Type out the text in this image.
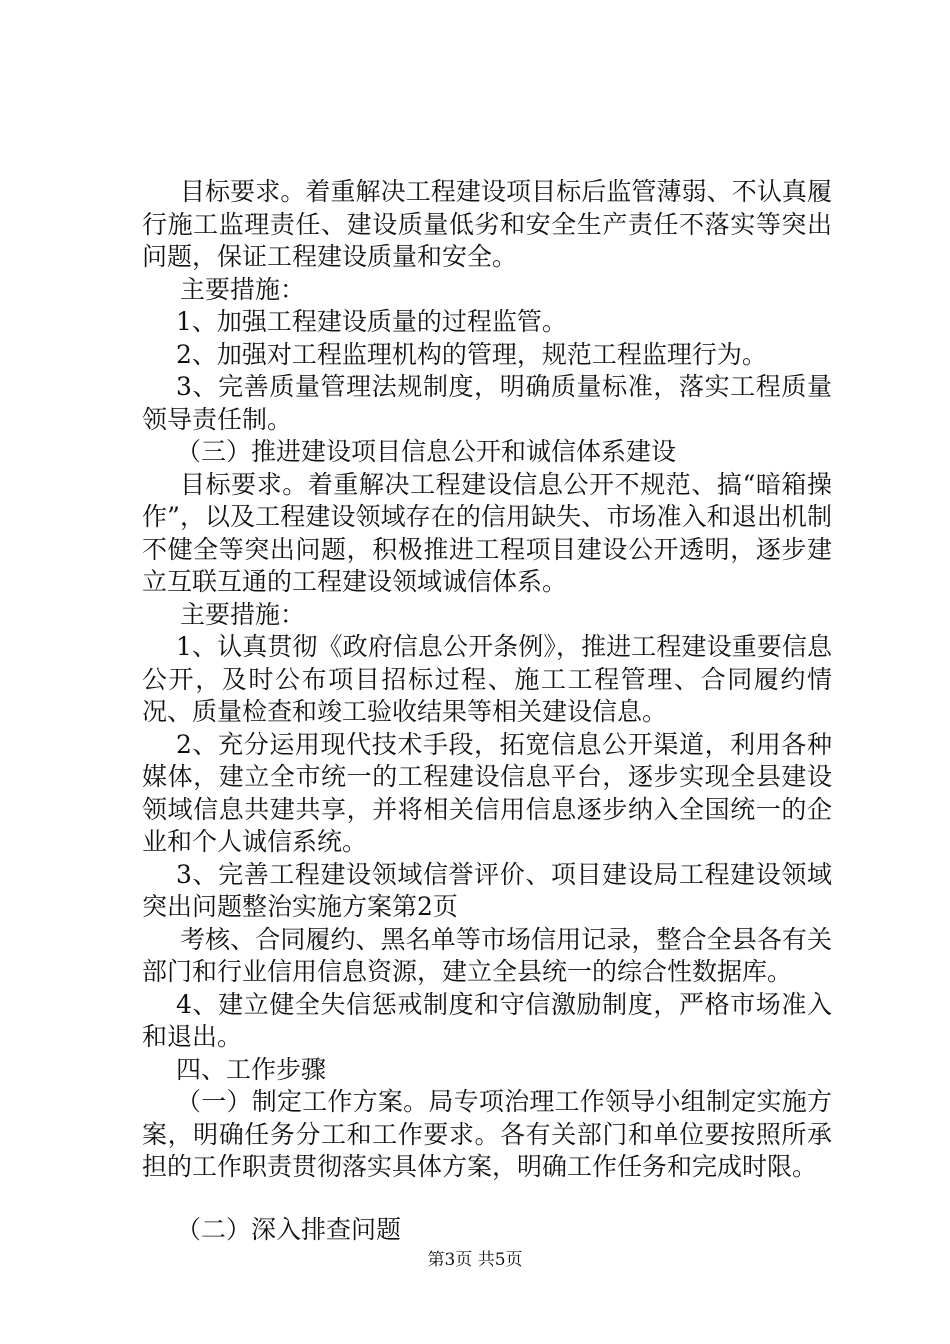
目标要求。着重解决工程建设项目标后监管薄弱、不认真履行施工监理责任、建设质量低劣和安全生产责任不落实等突出问题，保证工程建设质量和安全。

主要措施：

1、加强工程建设质量的过程监管。

2、加强对工程监理机构的管理，规范工程监理行为。

3、完善质量管理法规制度，明确质量标准，落实工程质量领导责任制。

（三）推进建设项目信息公开和诚信体系建设

目标要求。着重解决工程建设信息公开不规范、搞“暗箱操作”，以及工程建设领域存在的信用缺失、市场准入和退出机制不健全等突出问题，积极推进工程项目建设公开透明，逐步建立互联互通的工程建设领域诚信体系。

主要措施：

1、认真贯彻《政府信息公开条例》，推进工程建设重要信息公开，及时公布项目招标过程、施工工程管理、合同履约情况、质量检查和竣工验收结果等相关建设信息。

2、充分运用现代技术手段，拓宽信息公开渠道，利用各种媒体，建立全市统一的工程建设信息平台，逐步实现全县建设领域信息共建共享，并将相关信用信息逐步纳入全国统一的企业和个人诚信系统。

3、完善工程建设领域信誉评价、项目建设局工程建设领域突出问题整治实施方案第2页

考核、合同履约、黑名单等市场信用记录，整合全县各有关部门和行业信用信息资源，建立全县统一的综合性数据库。

4、建立健全失信惩戒制度和守信激励制度，严格市场准入和退出。

四、工作步骤

（一）制定工作方案。局专项治理工作领导小组制定实施方案，明确任务分工和工作要求。各有关部门和单位要按照所承担的工作职责贯彻落实具体方案，明确工作任务和完成时限。

（二）深入排查问题

第3页 共5页
